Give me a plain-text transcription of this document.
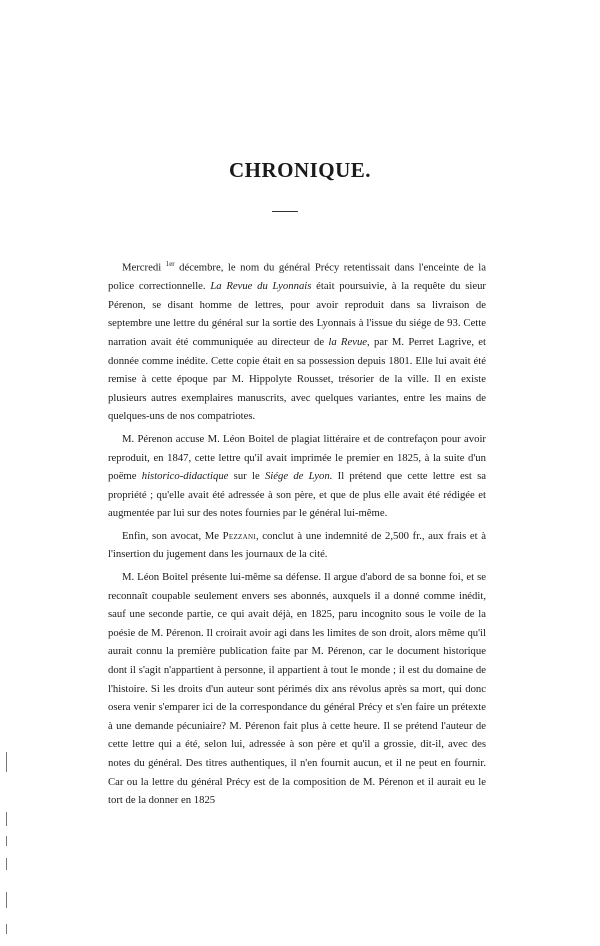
CHRONIQUE.

Mercredi $^{1er}$ décembre, le nom du général Précy retentissait dans l'enceinte de la police correctionnelle. La Revue du Lyonnais était poursuivie, à la requête du sieur Pérenon, se disant homme de lettres, pour avoir reproduit dans sa livraison de septembre une lettre du général sur la sortie des Lyonnais à l'issue du siége de 93. Cette narration avait été communiquée au directeur de la Revue, par M. Perret Lagrive, et donnée comme inédite. Cette copie était en sa possession depuis 1801. Elle lui avait été remise à cette époque par M. Hippolyte Rousset, trésorier de la ville. Il en existe plusieurs autres exemplaires manuscrits, avec quelques variantes, entre les mains de quelques-uns de nos compatriotes.

M. Pérenon accuse M. Léon Boitel de plagiat littéraire et de contrefaçon pour avoir reproduit, en 1847, cette lettre qu'il avait imprimée le premier en 1825, à la suite d'un poëme historico-didactique sur le Siége de Lyon. Il prétend que cette lettre est sa propriété ; qu'elle avait été adressée à son père, et que de plus elle avait été rédigée et augmentée par lui sur des notes fournies par le général lui-même.

Enfin, son avocat, Me Pezzani, conclut à une indemnité de 2,500 fr., aux frais et à l'insertion du jugement dans les journaux de la cité.

M. Léon Boitel présente lui-même sa défense. Il argue d'abord de sa bonne foi, et se reconnaît coupable seulement envers ses abonnés, auxquels il a donné comme inédit, sauf une seconde partie, ce qui avait déjà, en 1825, paru incognito sous le voile de la poésie de M. Pérenon. Il croirait avoir agi dans les limites de son droit, alors même qu'il aurait connu la première publication faite par M. Pérenon, car le document historique dont il s'agit n'appartient à personne, il appartient à tout le monde ; il est du domaine de l'histoire. Si les droits d'un auteur sont périmés dix ans révolus après sa mort, qui donc osera venir s'emparer ici de la correspondance du général Précy et s'en faire un prétexte à une demande pécuniaire? M. Pérenon fait plus à cette heure. Il se prétend l'auteur de cette lettre qui a été, selon lui, adressée à son père et qu'il a grossie, dit-il, avec des notes du général. Des titres authentiques, il n'en fournit aucun, et il ne peut en fournir. Car ou la lettre du général Précy est de la composition de M. Pérenon et il aurait eu le tort de la donner en 1825
